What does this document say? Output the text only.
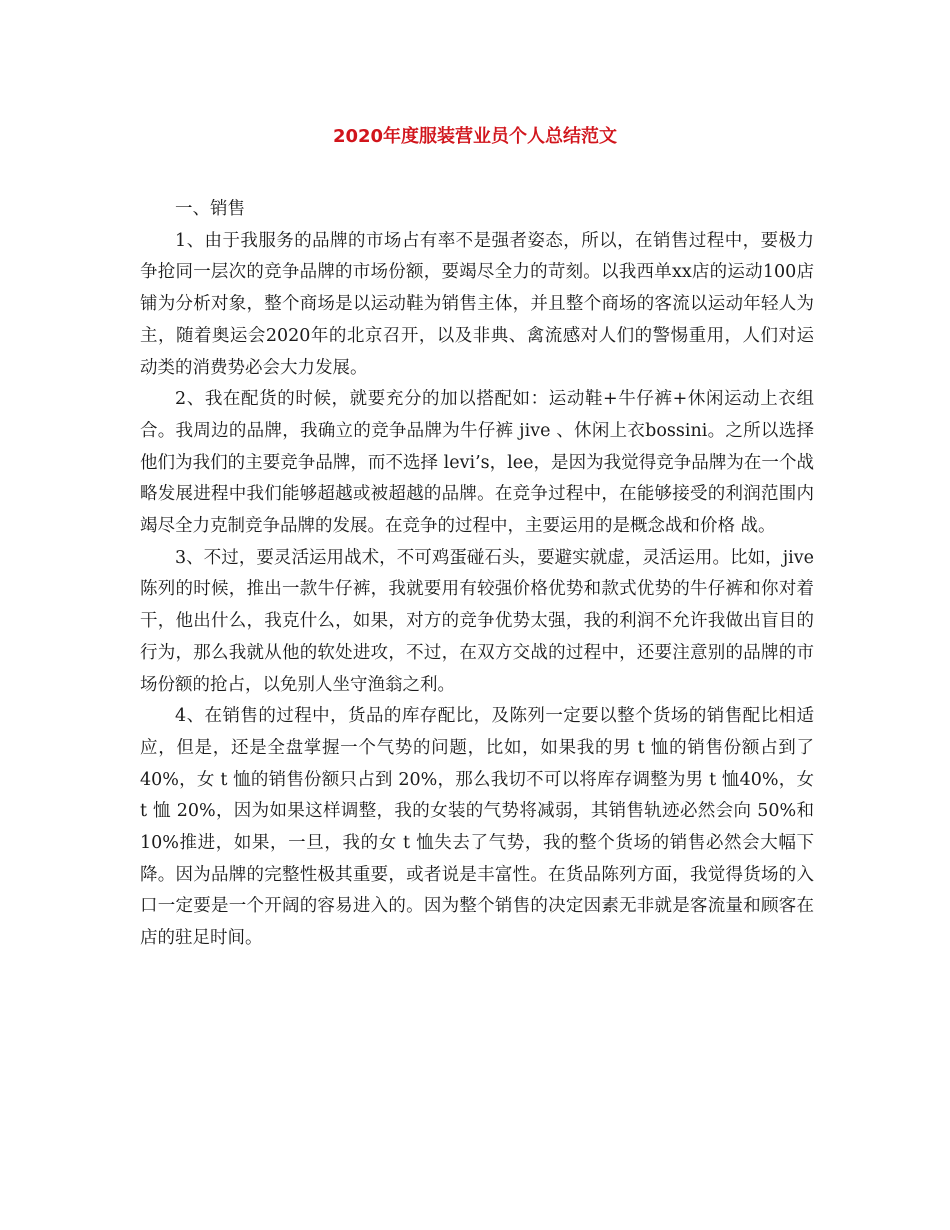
2020年度服装营业员个人总结范文

一、销售

1、由于我服务的品牌的市场占有率不是强者姿态，所以，在销售过程中，要极力争抢同一层次的竞争品牌的市场份额，要竭尽全力的苛刻。以我西单xx店的运动100店铺为分析对象，整个商场是以运动鞋为销售主体，并且整个商场的客流以运动年轻人为主，随着奥运会2020年的北京召开，以及非典、禽流感对人们的警惕重用，人们对运动类的消费势必会大力发展。

2、我在配货的时候，就要充分的加以搭配如：运动鞋+牛仔裤+休闲运动上衣组合。我周边的品牌，我确立的竞争品牌为牛仔裤 jive 、休闲上衣bossini。之所以选择他们为我们的主要竞争品牌，而不选择 levi’s，lee，是因为我觉得竞争品牌为在一个战略发展进程中我们能够超越或被超越的品牌。在竞争过程中，在能够接受的利润范围内竭尽全力克制竞争品牌的发展。在竞争的过程中，主要运用的是概念战和价格 战。

3、不过，要灵活运用战术，不可鸡蛋碰石头，要避实就虚，灵活运用。比如，jive 陈列的时候，推出一款牛仔裤，我就要用有较强价格优势和款式优势的牛仔裤和你对着干，他出什么，我克什么，如果，对方的竞争优势太强，我的利润不允许我做出盲目的行为，那么我就从他的软处进攻，不过，在双方交战的过程中，还要注意别的品牌的市场份额的抢占，以免别人坐守渔翁之利。

4、在销售的过程中，货品的库存配比，及陈列一定要以整个货场的销售配比相适应，但是，还是全盘掌握一个气势的问题，比如，如果我的男 t 恤的销售份额占到了 40%，女 t 恤的销售份额只占到 20%，那么我切不可以将库存调整为男 t 恤40%，女 t 恤 20%，因为如果这样调整，我的女装的气势将减弱，其销售轨迹必然会向 50%和 10%推进，如果，一旦，我的女 t 恤失去了气势，我的整个货场的销售必然会大幅下降。因为品牌的完整性极其重要，或者说是丰富性。在货品陈列方面，我觉得货场的入口一定要是一个开阔的容易进入的。因为整个销售的决定因素无非就是客流量和顾客在店的驻足时间。
